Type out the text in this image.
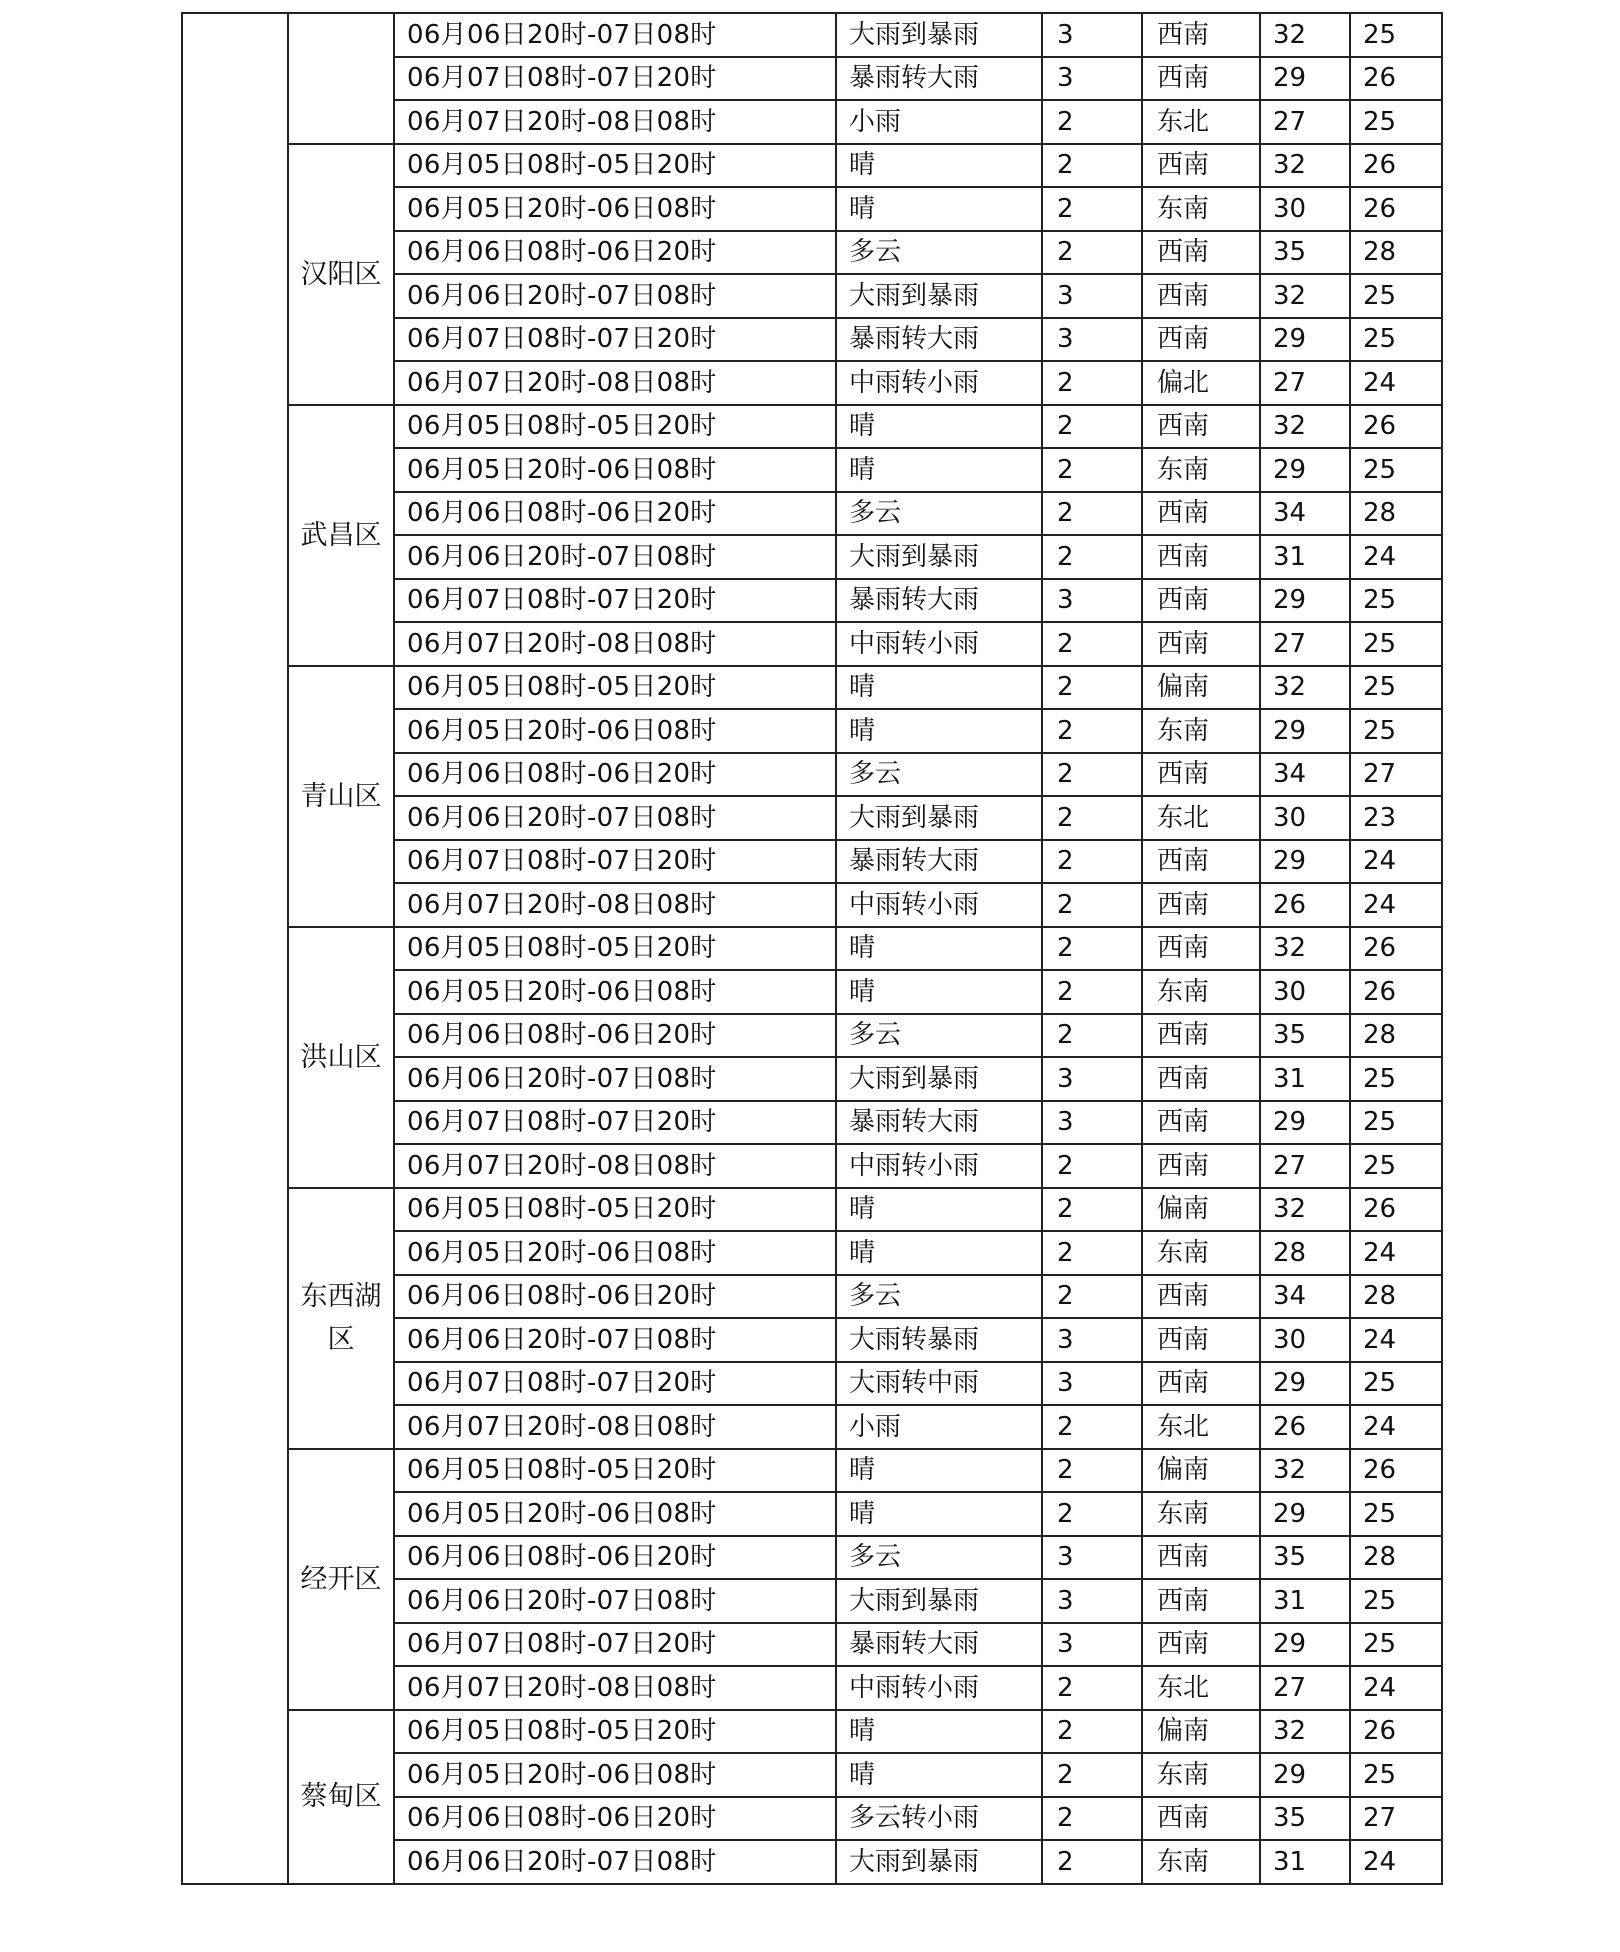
		06月06日20时-07日08时	大雨到暴雨	3	西南	32	25
		06月07日08时-07日20时	暴雨转大雨	3	西南	29	26
		06月07日20时-08日08时	小雨	2	东北	27	25
	汉阳区	06月05日08时-05日20时	晴	2	西南	32	26
		06月05日20时-06日08时	晴	2	东南	30	26
		06月06日08时-06日20时	多云	2	西南	35	28
		06月06日20时-07日08时	大雨到暴雨	3	西南	32	25
		06月07日08时-07日20时	暴雨转大雨	3	西南	29	25
		06月07日20时-08日08时	中雨转小雨	2	偏北	27	24
	武昌区	06月05日08时-05日20时	晴	2	西南	32	26
		06月05日20时-06日08时	晴	2	东南	29	25
		06月06日08时-06日20时	多云	2	西南	34	28
		06月06日20时-07日08时	大雨到暴雨	2	西南	31	24
		06月07日08时-07日20时	暴雨转大雨	3	西南	29	25
		06月07日20时-08日08时	中雨转小雨	2	西南	27	25
	青山区	06月05日08时-05日20时	晴	2	偏南	32	25
		06月05日20时-06日08时	晴	2	东南	29	25
		06月06日08时-06日20时	多云	2	西南	34	27
		06月06日20时-07日08时	大雨到暴雨	2	东北	30	23
		06月07日08时-07日20时	暴雨转大雨	2	西南	29	24
		06月07日20时-08日08时	中雨转小雨	2	西南	26	24
	洪山区	06月05日08时-05日20时	晴	2	西南	32	26
		06月05日20时-06日08时	晴	2	东南	30	26
		06月06日08时-06日20时	多云	2	西南	35	28
		06月06日20时-07日08时	大雨到暴雨	3	西南	31	25
		06月07日08时-07日20时	暴雨转大雨	3	西南	29	25
		06月07日20时-08日08时	中雨转小雨	2	西南	27	25
	东西湖区	06月05日08时-05日20时	晴	2	偏南	32	26
		06月05日20时-06日08时	晴	2	东南	28	24
		06月06日08时-06日20时	多云	2	西南	34	28
		06月06日20时-07日08时	大雨转暴雨	3	西南	30	24
		06月07日08时-07日20时	大雨转中雨	3	西南	29	25
		06月07日20时-08日08时	小雨	2	东北	26	24
	经开区	06月05日08时-05日20时	晴	2	偏南	32	26
		06月05日20时-06日08时	晴	2	东南	29	25
		06月06日08时-06日20时	多云	3	西南	35	28
		06月06日20时-07日08时	大雨到暴雨	3	西南	31	25
		06月07日08时-07日20时	暴雨转大雨	3	西南	29	25
		06月07日20时-08日08时	中雨转小雨	2	东北	27	24
	蔡甸区	06月05日08时-05日20时	晴	2	偏南	32	26
		06月05日20时-06日08时	晴	2	东南	29	25
		06月06日08时-06日20时	多云转小雨	2	西南	35	27
		06月06日20时-07日08时	大雨到暴雨	2	东南	31	24
